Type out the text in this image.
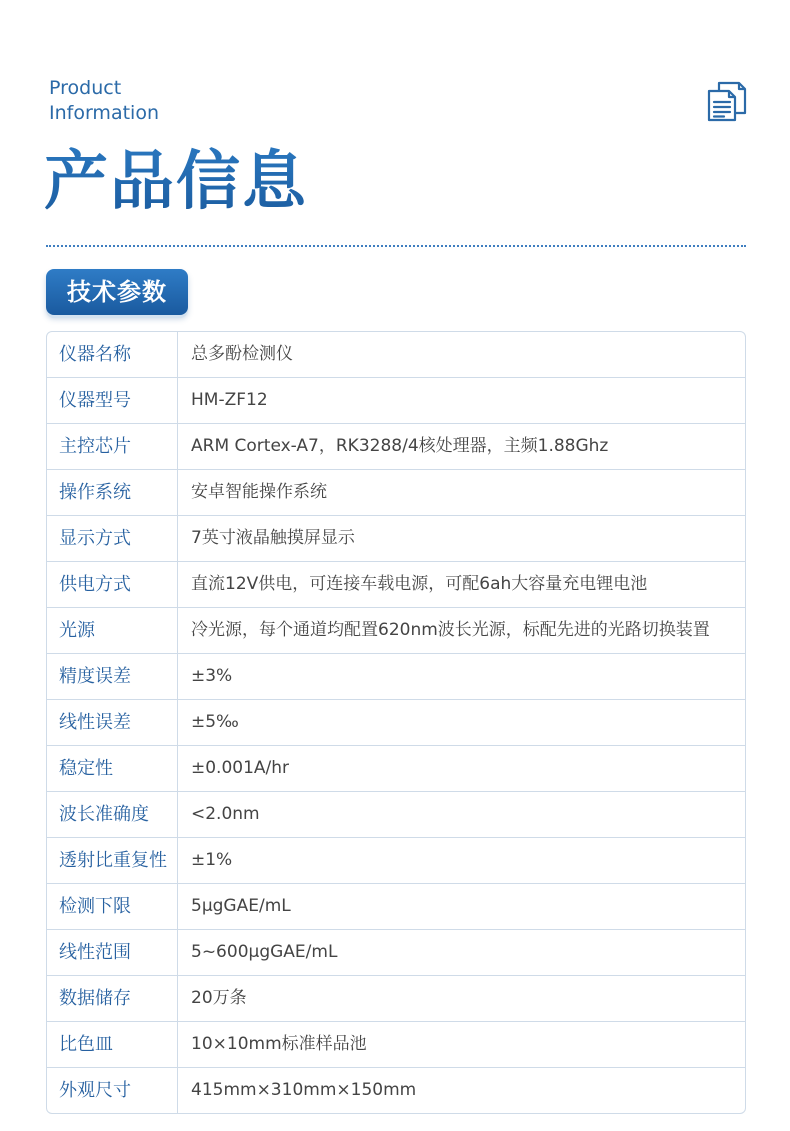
Product
Information
产品信息
技术参数
仪器名称	总多酚检测仪
仪器型号	HM-ZF12
主控芯片	ARM Cortex-A7，RK3288/4核处理器，主频1.88Ghz
操作系统	安卓智能操作系统
显示方式	7英寸液晶触摸屏显示
供电方式	直流12V供电，可连接车载电源，可配6ah大容量充电锂电池
光源	冷光源，每个通道均配置620nm波长光源，标配先进的光路切换装置
精度误差	±3%
线性误差	±5‰
稳定性	±0.001A/hr
波长准确度	<2.0nm
透射比重复性	±1%
检测下限	5μgGAE/mL
线性范围	5~600μgGAE/mL
数据储存	20万条
比色皿	10×10mm标准样品池
外观尺寸	415mm×310mm×150mm
